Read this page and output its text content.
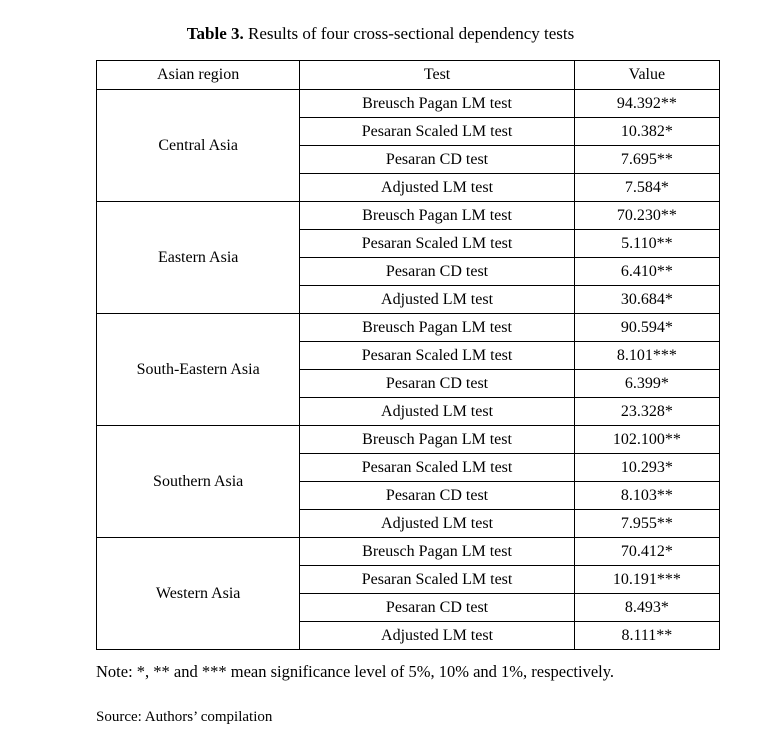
Table 3. Results of four cross-sectional dependency tests
Asian region	Test	Value
Central Asia	Breusch Pagan LM test	94.392**
	Pesaran Scaled LM test	10.382*
	Pesaran CD test	7.695**
	Adjusted LM test	7.584*
Eastern Asia	Breusch Pagan LM test	70.230**
	Pesaran Scaled LM test	5.110**
	Pesaran CD test	6.410**
	Adjusted LM test	30.684*
South-Eastern Asia	Breusch Pagan LM test	90.594*
	Pesaran Scaled LM test	8.101***
	Pesaran CD test	6.399*
	Adjusted LM test	23.328*
Southern Asia	Breusch Pagan LM test	102.100**
	Pesaran Scaled LM test	10.293*
	Pesaran CD test	8.103**
	Adjusted LM test	7.955**
Western Asia	Breusch Pagan LM test	70.412*
	Pesaran Scaled LM test	10.191***
	Pesaran CD test	8.493*
	Adjusted LM test	8.111**
Note: *, ** and *** mean significance level of 5%, 10% and 1%, respectively.
Source: Authors’ compilation
